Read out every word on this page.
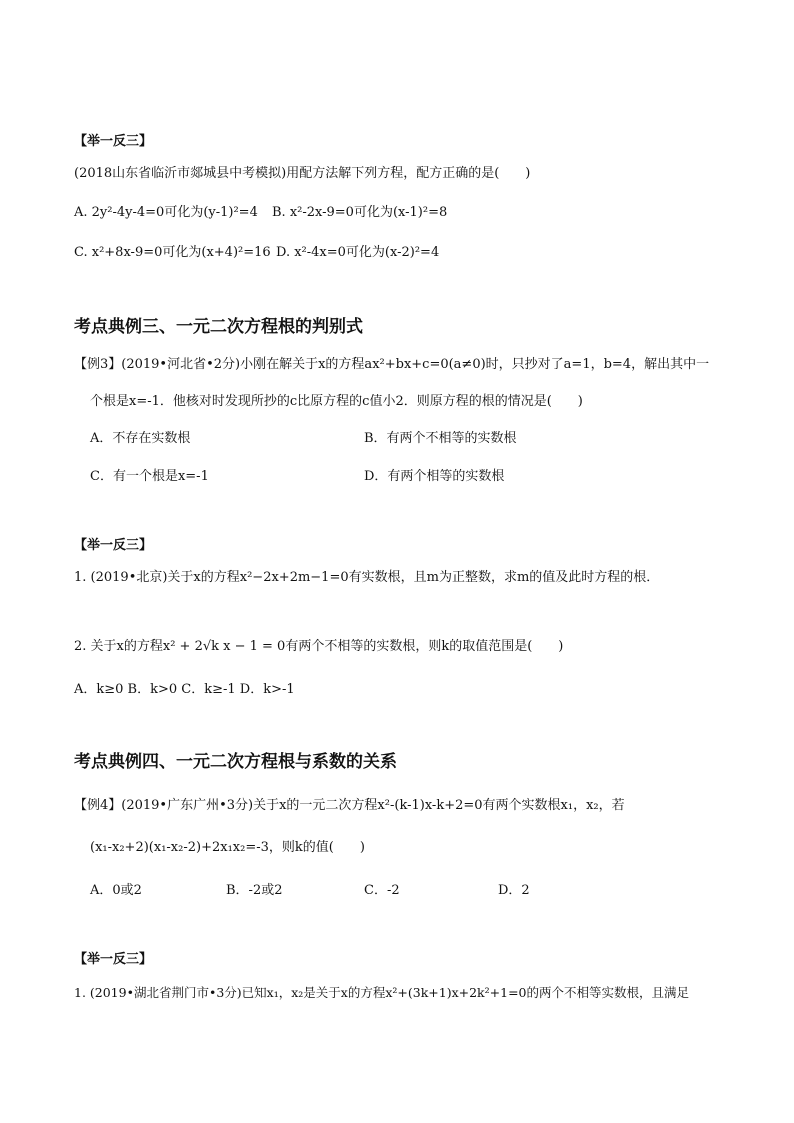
【举一反三】
(2018山东省临沂市郯城县中考模拟)用配方法解下列方程，配方正确的是(　　)
A. 2y²-4y-4=0可化为(y-1)²=4 B. x²-2x-9=0可化为(x-1)²=8
C. x²+8x-9=0可化为(x+4)²=16 D. x²-4x=0可化为(x-2)²=4
考点典例三、一元二次方程根的判别式
【例3】(2019•河北省•2分)小刚在解关于x的方程ax²+bx+c=0(a≠0)时，只抄对了a=1，b=4，解出其中一
个根是x=-1．他核对时发现所抄的c比原方程的c值小2．则原方程的根的情况是(　　)
A．不存在实数根	B．有两个不相等的实数根
C．有一个根是x=-1	D．有两个相等的实数根
【举一反三】
1. (2019•北京)关于x的方程x²−2x+2m−1=0有实数根，且m为正整数，求m的值及此时方程的根．
2. 关于x的方程x² + 2√k x − 1 = 0有两个不相等的实数根，则k的取值范围是(　　)
A．k≥0 B．k>0 C．k≥-1 D．k>-1
考点典例四、一元二次方程根与系数的关系
【例4】(2019•广东广州•3分)关于x的一元二次方程x²-(k-1)x-k+2=0有两个实数根x₁，x₂，若
(x₁-x₂+2)(x₁-x₂-2)+2x₁x₂=-3，则k的值(　　)
A．0或2	B．-2或2	C．-2	D．2
【举一反三】
1. (2019•湖北省荆门市•3分)已知x₁，x₂是关于x的方程x²+(3k+1)x+2k²+1=0的两个不相等实数根，且满足
